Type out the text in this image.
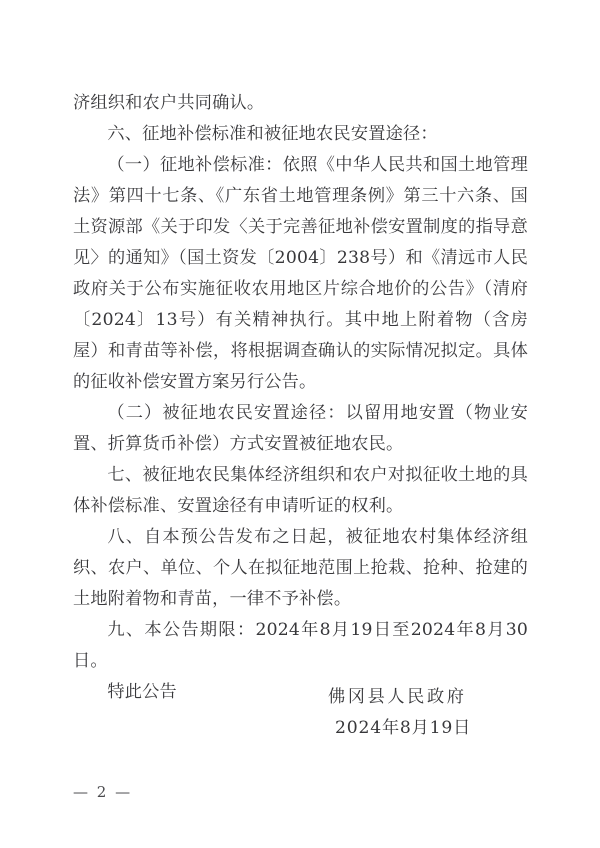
济组织和农户共同确认。

六、征地补偿标准和被征地农民安置途径：

（一）征地补偿标准：依照《中华人民共和国土地管理法》第四十七条、《广东省土地管理条例》第三十六条、国土资源部《关于印发〈关于完善征地补偿安置制度的指导意见〉的通知》（国土资发〔2004〕238号）和《清远市人民政府关于公布实施征收农用地区片综合地价的公告》（清府〔2024〕13号）有关精神执行。其中地上附着物（含房屋）和青苗等补偿，将根据调查确认的实际情况拟定。具体的征收补偿安置方案另行公告。

（二）被征地农民安置途径：以留用地安置（物业安置、折算货币补偿）方式安置被征地农民。

七、被征地农民集体经济组织和农户对拟征收土地的具体补偿标准、安置途径有申请听证的权利。

八、自本预公告发布之日起，被征地农村集体经济组织、农户、单位、个人在拟征地范围上抢栽、抢种、抢建的土地附着物和青苗，一律不予补偿。

九、本公告期限：2024年8月19日至2024年8月30日。

特此公告	佛冈县人民政府

2024年8月19日

— 2 —
